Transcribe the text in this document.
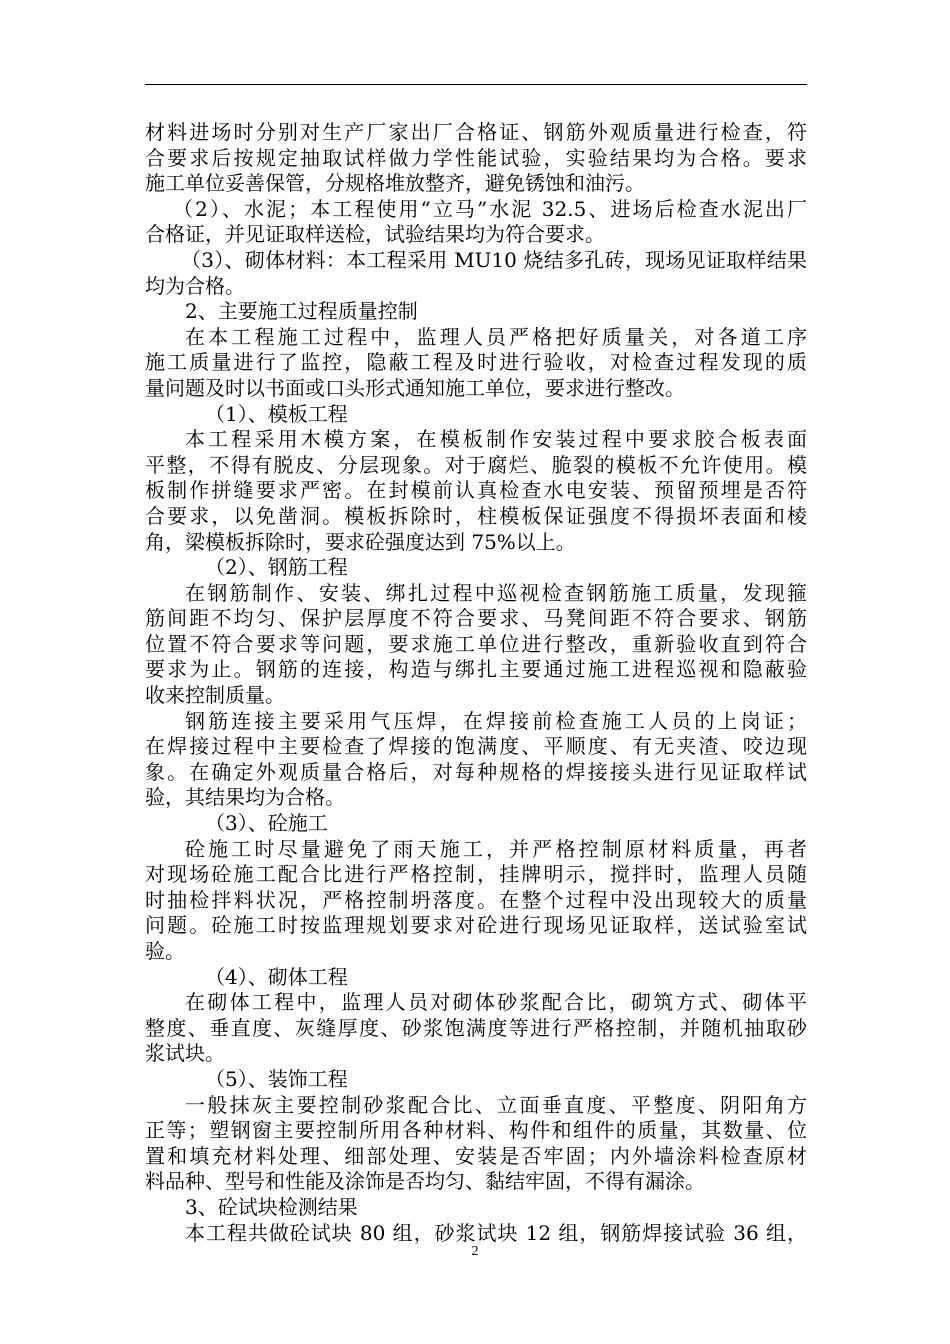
材料进场时分别对生产厂家出厂合格证、钢筋外观质量进行检查，符
合要求后按规定抽取试样做力学性能试验，实验结果均为合格。要求
施工单位妥善保管，分规格堆放整齐，避免锈蚀和油污。
（2）、水泥；本工程使用“立马”水泥 32.5、进场后检查水泥出厂
合格证，并见证取样送检，试验结果均为符合要求。
（3）、砌体材料：本工程采用 MU10 烧结多孔砖，现场见证取样结果
均为合格。
2、主要施工过程质量控制
在本工程施工过程中，监理人员严格把好质量关，对各道工序
施工质量进行了监控，隐蔽工程及时进行验收，对检查过程发现的质
量问题及时以书面或口头形式通知施工单位，要求进行整改。
（1）、模板工程
本工程采用木模方案，在模板制作安装过程中要求胶合板表面
平整，不得有脱皮、分层现象。对于腐烂、脆裂的模板不允许使用。模
板制作拼缝要求严密。在封模前认真检查水电安装、预留预埋是否符
合要求，以免凿洞。模板拆除时，柱模板保证强度不得损坏表面和棱
角，梁模板拆除时，要求砼强度达到 75%以上。
（2）、钢筋工程
在钢筋制作、安装、绑扎过程中巡视检查钢筋施工质量，发现箍
筋间距不均匀、保护层厚度不符合要求、马凳间距不符合要求、钢筋
位置不符合要求等问题，要求施工单位进行整改，重新验收直到符合
要求为止。钢筋的连接，构造与绑扎主要通过施工进程巡视和隐蔽验
收来控制质量。
钢筋连接主要采用气压焊，在焊接前检查施工人员的上岗证；
在焊接过程中主要检查了焊接的饱满度、平顺度、有无夹渣、咬边现
象。在确定外观质量合格后，对每种规格的焊接接头进行见证取样试
验，其结果均为合格。
（3）、砼施工
砼施工时尽量避免了雨天施工，并严格控制原材料质量，再者
对现场砼施工配合比进行严格控制，挂牌明示，搅拌时，监理人员随
时抽检拌料状况，严格控制坍落度。在整个过程中没出现较大的质量
问题。砼施工时按监理规划要求对砼进行现场见证取样，送试验室试
验。
（4）、砌体工程
在砌体工程中，监理人员对砌体砂浆配合比，砌筑方式、砌体平
整度、垂直度、灰缝厚度、砂浆饱满度等进行严格控制，并随机抽取砂
浆试块。
（5）、装饰工程
一般抹灰主要控制砂浆配合比、立面垂直度、平整度、阴阳角方
正等；塑钢窗主要控制所用各种材料、构件和组件的质量，其数量、位
置和填充材料处理、细部处理、安装是否牢固；内外墙涂料检查原材
料品种、型号和性能及涂饰是否均匀、黏结牢固，不得有漏涂。
3、砼试块检测结果
本工程共做砼试块 80 组，砂浆试块 12 组，钢筋焊接试验 36 组，
2
